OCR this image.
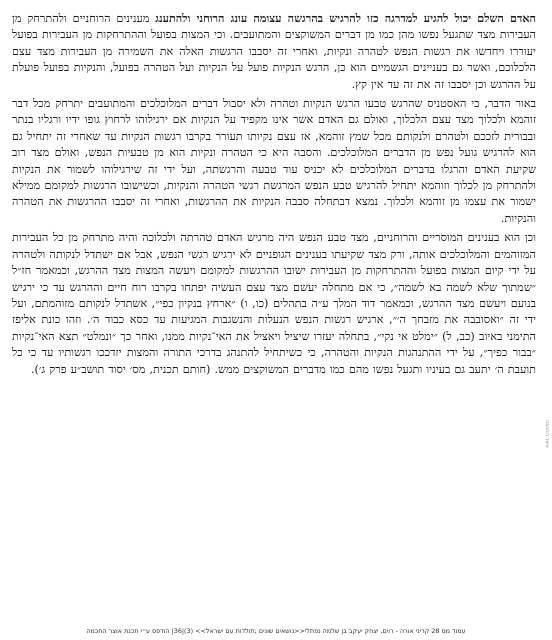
האדם השלם יכול להגיע למדרגה כזו להרגיש בהרגשה עצומה עונג הרוחני ולהתענג מענינים הרוחניים ולהתרחק מן העבירות מצד שתגעל נפשו מהן כמו מן דברים המשוקצים והמתועבים. וכי המצות בפועל וההתרחקות מן העבירות בפועל יעוררו ויחדשו את רגשות הנפש לטהרה ונקיות, ואחרי זה יסבבו הרגשות האלה את השמירה מן העבירות מצד עצם הלכלוכם, ואשר גם בעניינים הגשמיים הוא כן, הרגש הנקיות פועל על הנקיות ועל הטהרה בפועל, והנקיות בפועל פועלת על ההרגש וכן יסבבו זה את זה עד אין קץ.

באור הדבר, כי האסטניס שהרגש טבעו הרגש הנקיות וטהרה ולא יסבול דברים המלוכלכים והמתועבים יתרחק מכל דבר זוהמא ולכלוך מצד עצם הלכלוך, ואולם גם האדם אשר אינו מקפיד על הנקיות אם ירגילוהו לרחוץ גופו ידיו ורגליו בנתר ובבורית לזככם ולטהרם ולנקותם מכל שמץ זוהמא, אז עצם נקיותו תעורר בקרבו רגשות הנקיות עד שאחרי זה יתחיל גם הוא להרגיש גועל נפש מן הדברים המלוכלכים. והסבה היא כי הטהרה ונקיות הוא מן טבעיות הנפש, ואולם מצד רוב שקיעת האדם והרגלו בדברים המלוכלכים לא יכניס עוד טבעה והרגשתה, ועל ידי זה שירגילוהו לשמור את הנקיות ולהתרחק מן לכלוך וזוהמא יתחיל להרגיש טבע הנפש המרגשת רגשי הטהרה והנקיות, וכשישובו הרגשות למקומם ממילא ישמור את עצמו מן זוהמא ולכלוך. נמצא דבתחלה סבבה הנקיות את ההרגשות, ואחרי זה יסבבו ההרגשות את הטהרה והנקיות.

וכן הוא בענינים המוסריים והרוחניים, מצד טבע הנפש היה מרגיש האדם טהרתה ולכלוכה והיה מתרחק מן כל העבירות המזוהמים והמלוכלכים אותה, ורק מצד שקיעתו בענינים הגופניים לא ירגיש רגשי הנפש, אבל אם ישתדל לנקותה ולטהרה על ידי קיום המצות בפועל וההתרחקות מן העבירות ישובו ההרגשות למקומם ויעשה המצות מצד ההרגש, וכמאמר חז״ל ״שמתוך שלא לשמה בא לשמה״, כי אם מתחלה יעשם מצד עצם העשיה יפתחו בקרבו רוח חיים וההרגש עד כי ירגיש בנועם ויעשם מצד ההרגש, וכמאמר דוד המלך ע״ה בתהלים (כו, ו) ״ארחץ בנקיון כפי״, אשתדל לנקותם מזוהמתם, ועל ידי זה ״ואסובבה את מזבחך ה׳״, ארגיש רגשות הנפש הנעלות והנשגבות המגיעות עד כסא כבוד ה׳. וזהו כונת אליפז התימני באיוב (כב, ל) ״ימלט אי נקי״, בתחלה יעזרו שיציל ויאציל את האי־נקיות ממנו, ואחר כך ״ונמלט״ תצא האי־נקיות ״בבור כפיך״, על ידי ההתנהגות הנקיות והטהרה, כי כשיתחיל להתנהג בדרכי התורה והמצות יזדככו רגשותיו עד כי כל תועבת ה׳ יתעב גם בעיניו ותגעל נפשו מהם כמו מדברים המשוקצים ממש. (חותם תכנית, מס׳ יסוד תושב״ע פרק ג׳).

אוצר החכמה
עמוד מס 28 קריני אורה - רוים, יצחק יעקב בן שלמה נפתלי<<נושאים שונים ;תולדות עם ישראל>> (3)|36| הודפס ע״י תכנת אוצר החכמה
